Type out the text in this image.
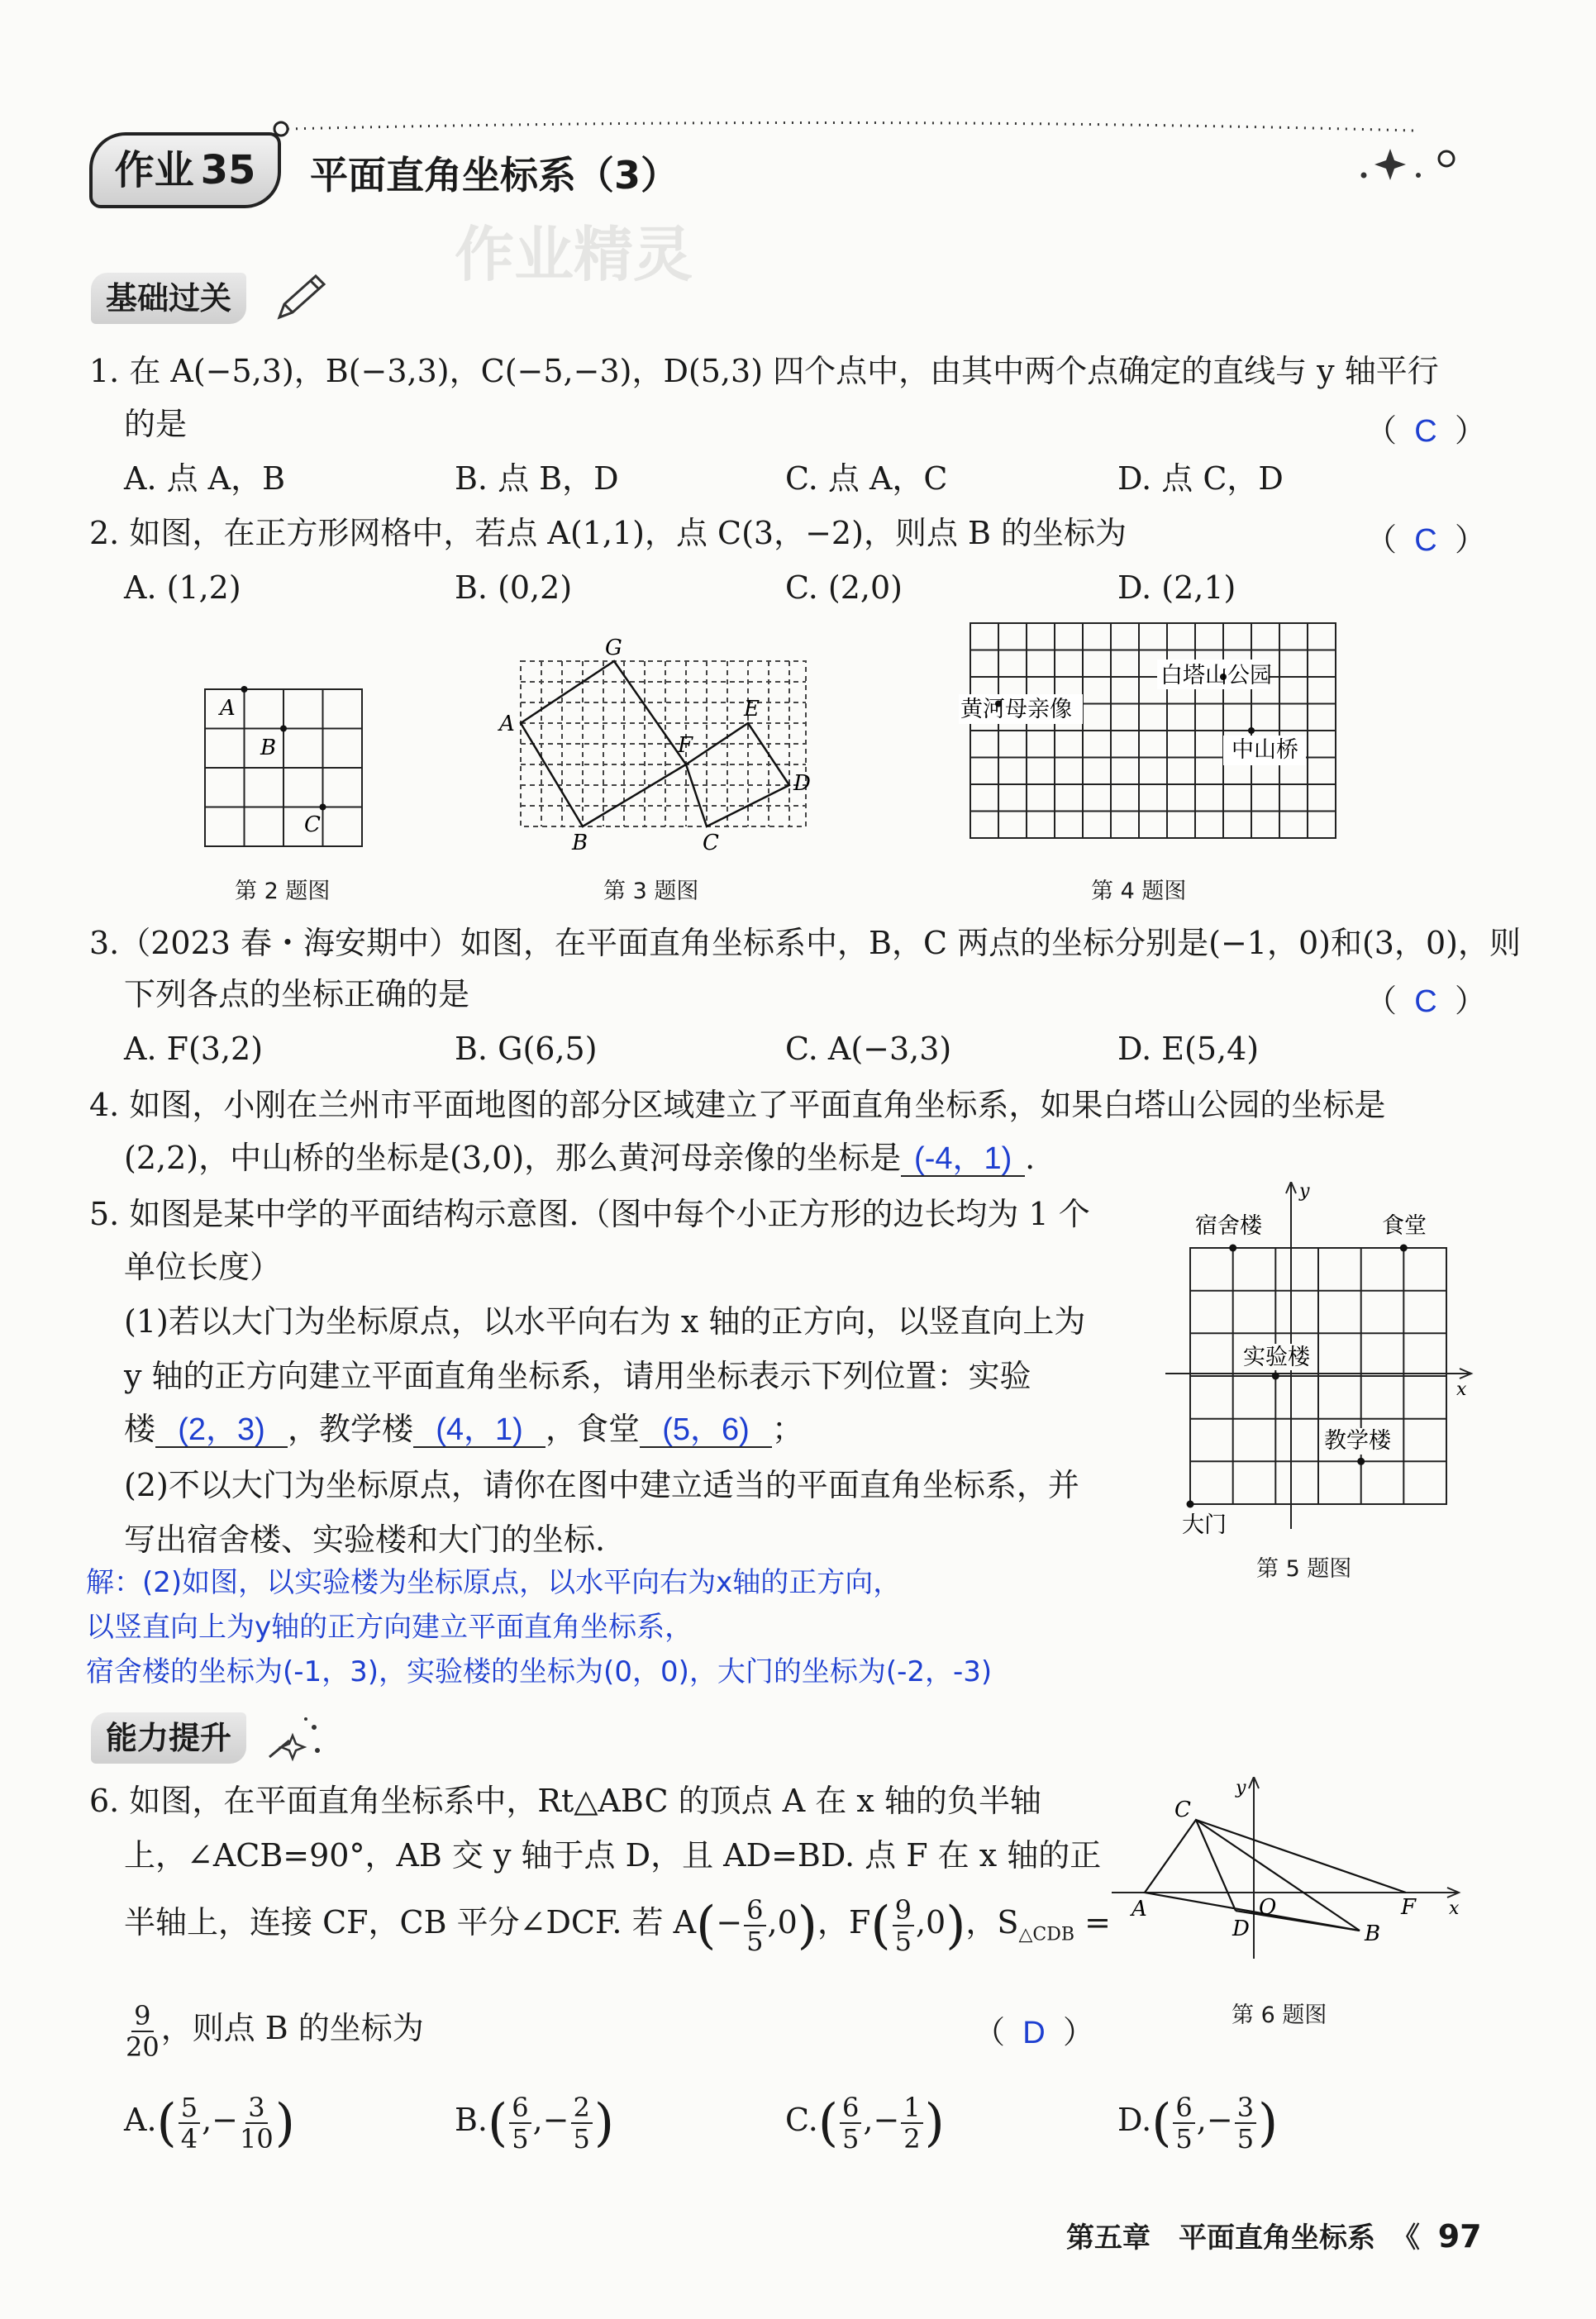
作业 35	平面直角坐标系（3）
作业精灵
基础过关
1. 在 A(−5,3)，B(−3,3)，C(−5,−3)，D(5,3) 四个点中，由其中两个点确定的直线与 y 轴平行
的是	（ C ）
A. 点 A，B	B. 点 B，D	C. 点 A，C	D. 点 C，D
2. 如图，在正方形网格中，若点 A(1,1)，点 C(3，−2)，则点 B 的坐标为	（ C ）
A. (1,2)	B. (0,2)	C. (2,0)	D. (2,1)
A
B
C
第 2 题图
G
A
E
F
D
B	C
第 3 题图
白塔山公园
黄河母亲像
中山桥
第 4 题图
3.（2023 春・海安期中）如图，在平面直角坐标系中，B，C 两点的坐标分别是(−1，0)和(3，0)，则
下列各点的坐标正确的是	（ C ）
A. F(3,2)	B. G(6,5)	C. A(−3,3)	D. E(5,4)
4. 如图，小刚在兰州市平面地图的部分区域建立了平面直角坐标系，如果白塔山公园的坐标是
(2,2)，中山桥的坐标是(3,0)，那么黄河母亲像的坐标是 (-4，1) .
5. 如图是某中学的平面结构示意图.（图中每个小正方形的边长均为 1 个
单位长度）
(1)若以大门为坐标原点，以水平向右为 x 轴的正方向，以竖直向上为
y 轴的正方向建立平面直角坐标系，请用坐标表示下列位置：实验
楼 (2，3) ，教学楼 (4，1) ，食堂 (5，6) ；
(2)不以大门为坐标原点，请你在图中建立适当的平面直角坐标系，并
写出宿舍楼、实验楼和大门的坐标.
解：(2)如图，以实验楼为坐标原点，以水平向右为x轴的正方向，
以竖直向上为y轴的正方向建立平面直角坐标系，
宿舍楼的坐标为(-1，3)，实验楼的坐标为(0，0)，大门的坐标为(-2，-3)
y
宿舍楼	食堂
实验楼
x
教学楼
大门
第 5 题图
能力提升
6. 如图，在平面直角坐标系中，Rt△ABC 的顶点 A 在 x 轴的负半轴
上，∠ACB=90°，AB 交 y 轴于点 D，且 AD=BD. 点 F 在 x 轴的正
半轴上，连接 CF，CB 平分∠DCF. 若 $A(- \frac{6}{5} ,0)$，$F( \frac{9}{5} ,0)$，$S_{\triangle CDB}$ =
$\frac{9}{20}$ ，则点 B 的坐标为	（ D ）
$A.( \frac{5}{4}$ ,− $\frac{3}{10}$ )	$B.( \frac{6}{5}$ ,− $\frac{2}{5}$ )	$C.( \frac{6}{5}$ ,− $\frac{1}{2}$ )	$D.( \frac{6}{5}$ ,− $\frac{3}{5}$ )
y
C
A	O	F x
D	B
第 6 题图
第五章　平面直角坐标系 《 97
